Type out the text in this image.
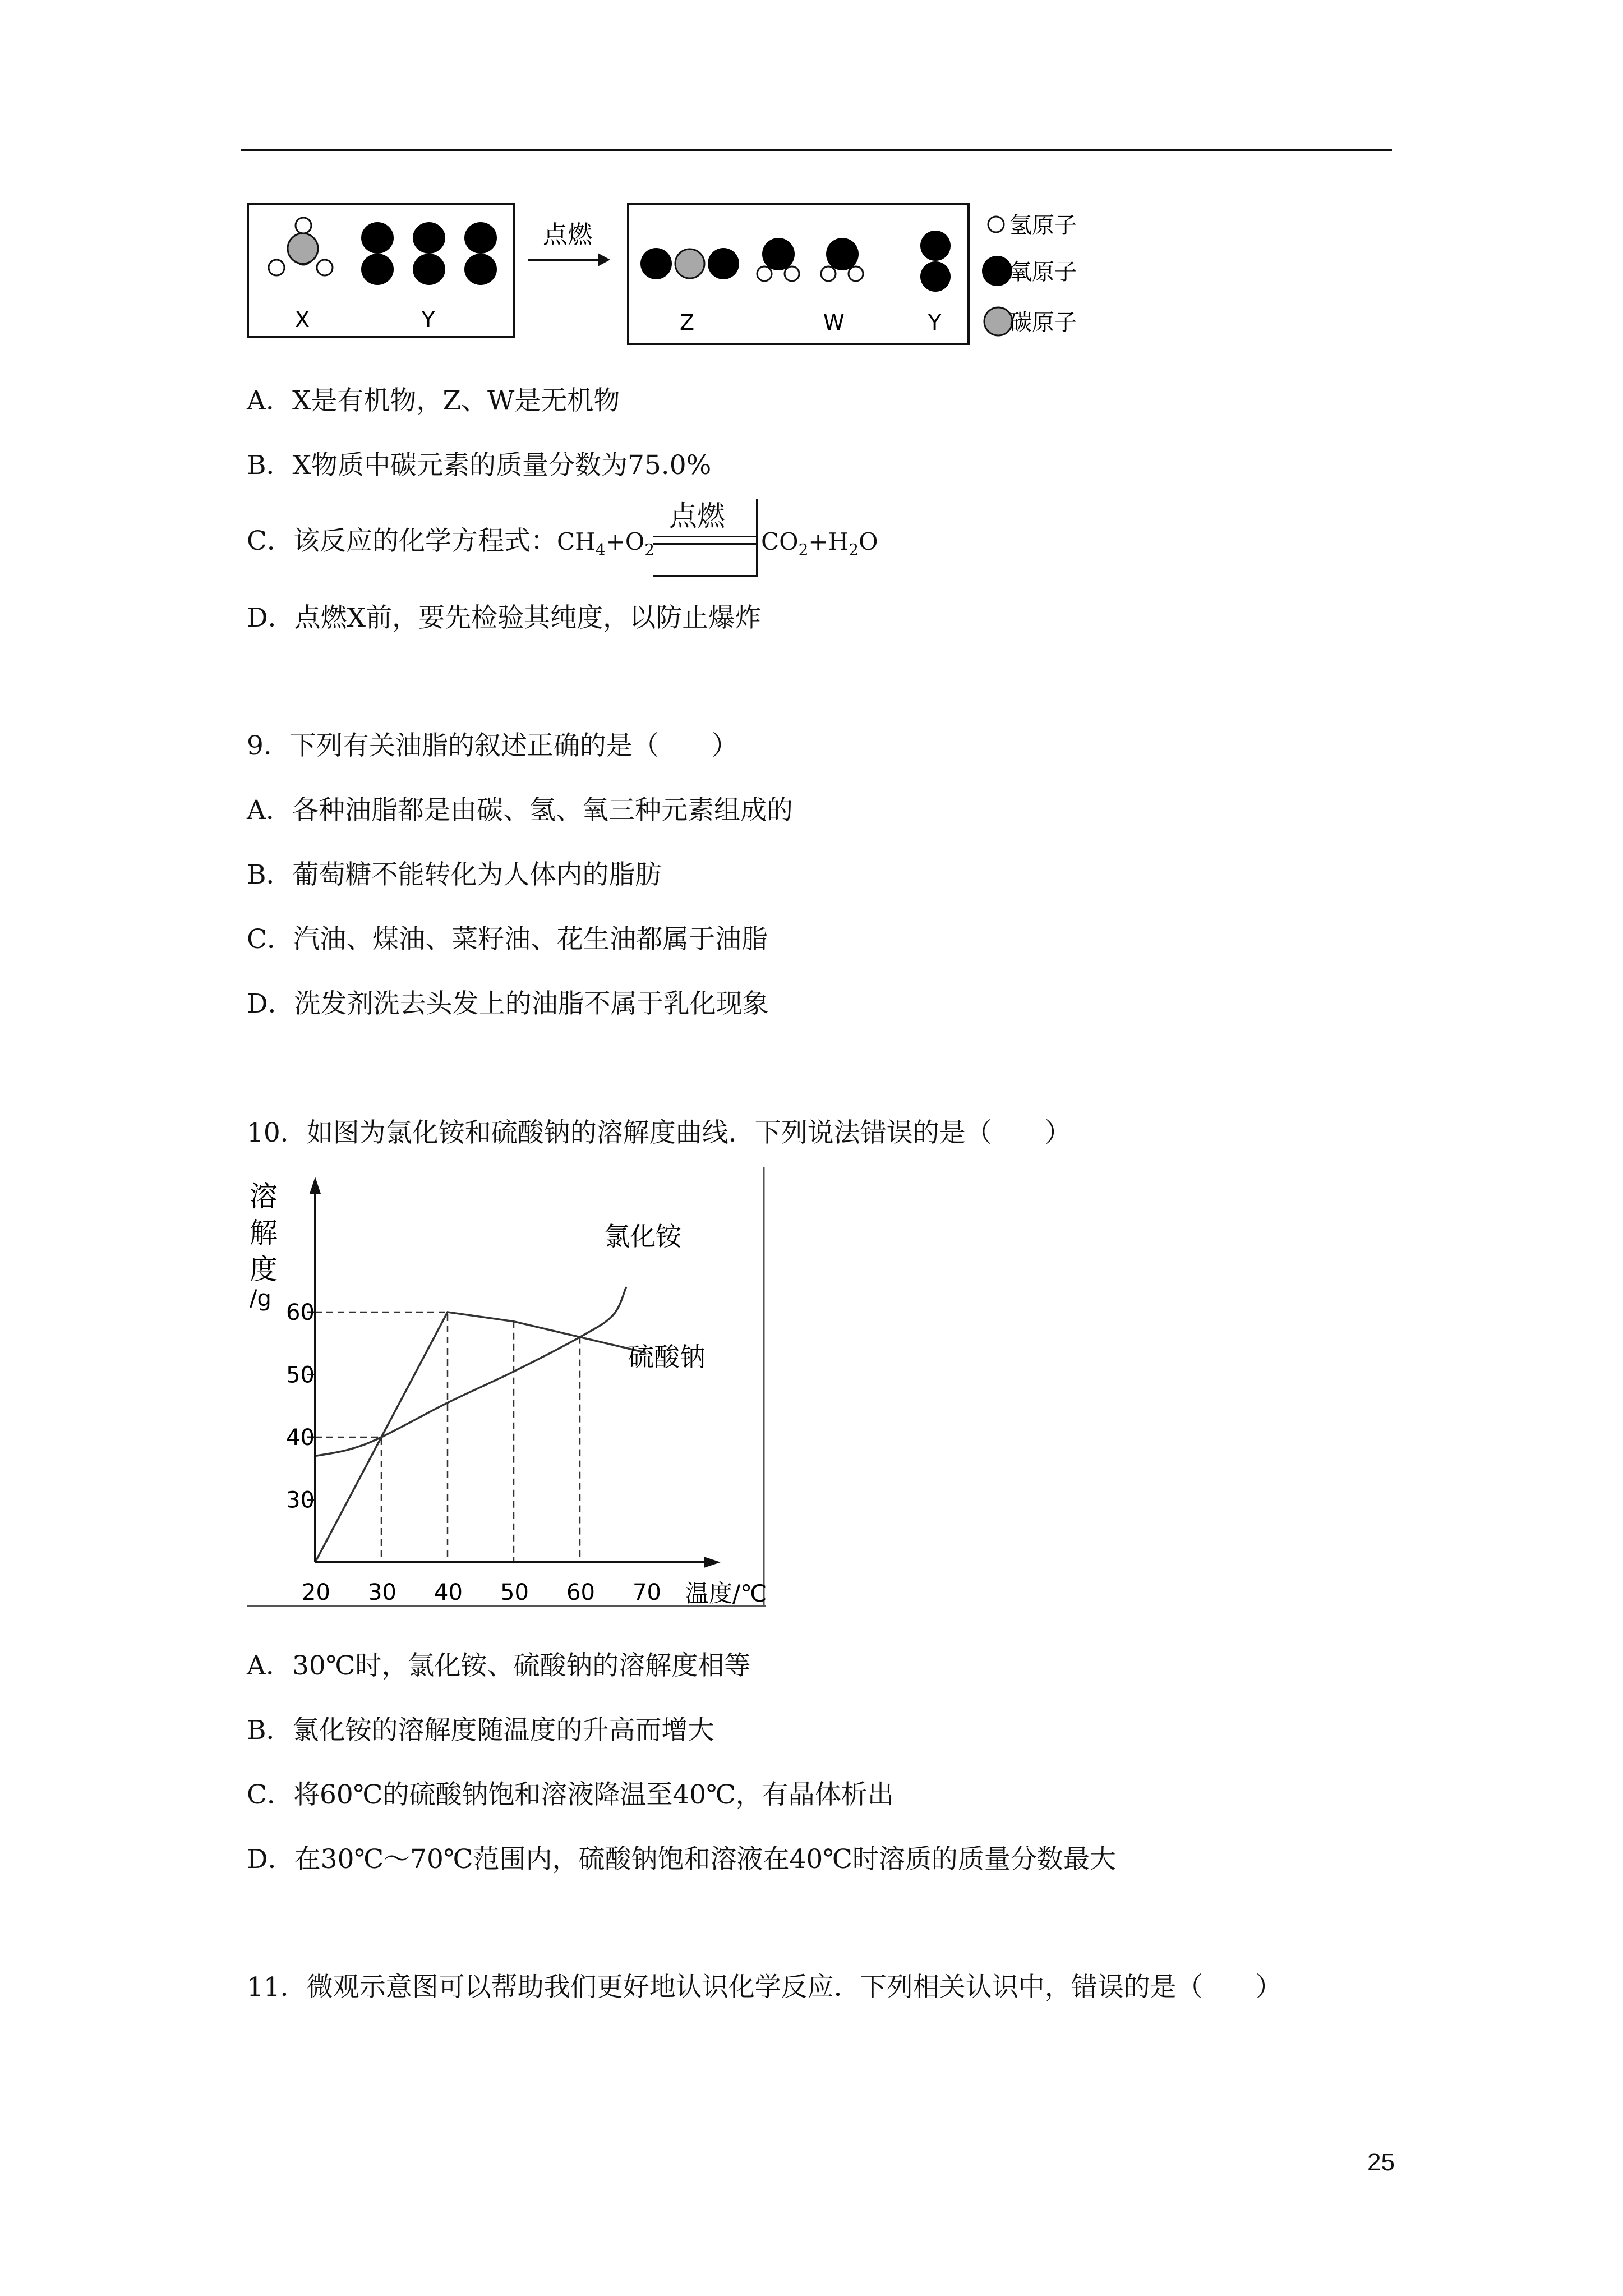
X	Y
点燃
Z	W	Y
氢原子
氧原子
碳原子
A．X是有机物，Z、W是无机物
B．X物质中碳元素的质量分数为75.0%
C．该反应的化学方程式：$CH_4+O_2$	$CO_2+H_2O$
点燃
D．点燃X前，要先检验其纯度，以防止爆炸
9．下列有关油脂的叙述正确的是（　　）
A．各种油脂都是由碳、氢、氧三种元素组成的
B．葡萄糖不能转化为人体内的脂肪
C．汽油、煤油、菜籽油、花生油都属于油脂
D．洗发剂洗去头发上的油脂不属于乳化现象
10．如图为氯化铵和硫酸钠的溶解度曲线．下列说法错误的是（　　）
20 30 40 50 60 70
30
40
50
60
溶
解
度
/g
温度/℃
氯化铵
硫酸钠
A．30℃时，氯化铵、硫酸钠的溶解度相等
B．氯化铵的溶解度随温度的升高而增大
C．将60℃的硫酸钠饱和溶液降温至40℃，有晶体析出
D．在30℃～70℃范围内，硫酸钠饱和溶液在40℃时溶质的质量分数最大
11．微观示意图可以帮助我们更好地认识化学反应．下列相关认识中，错误的是（　　）
25
